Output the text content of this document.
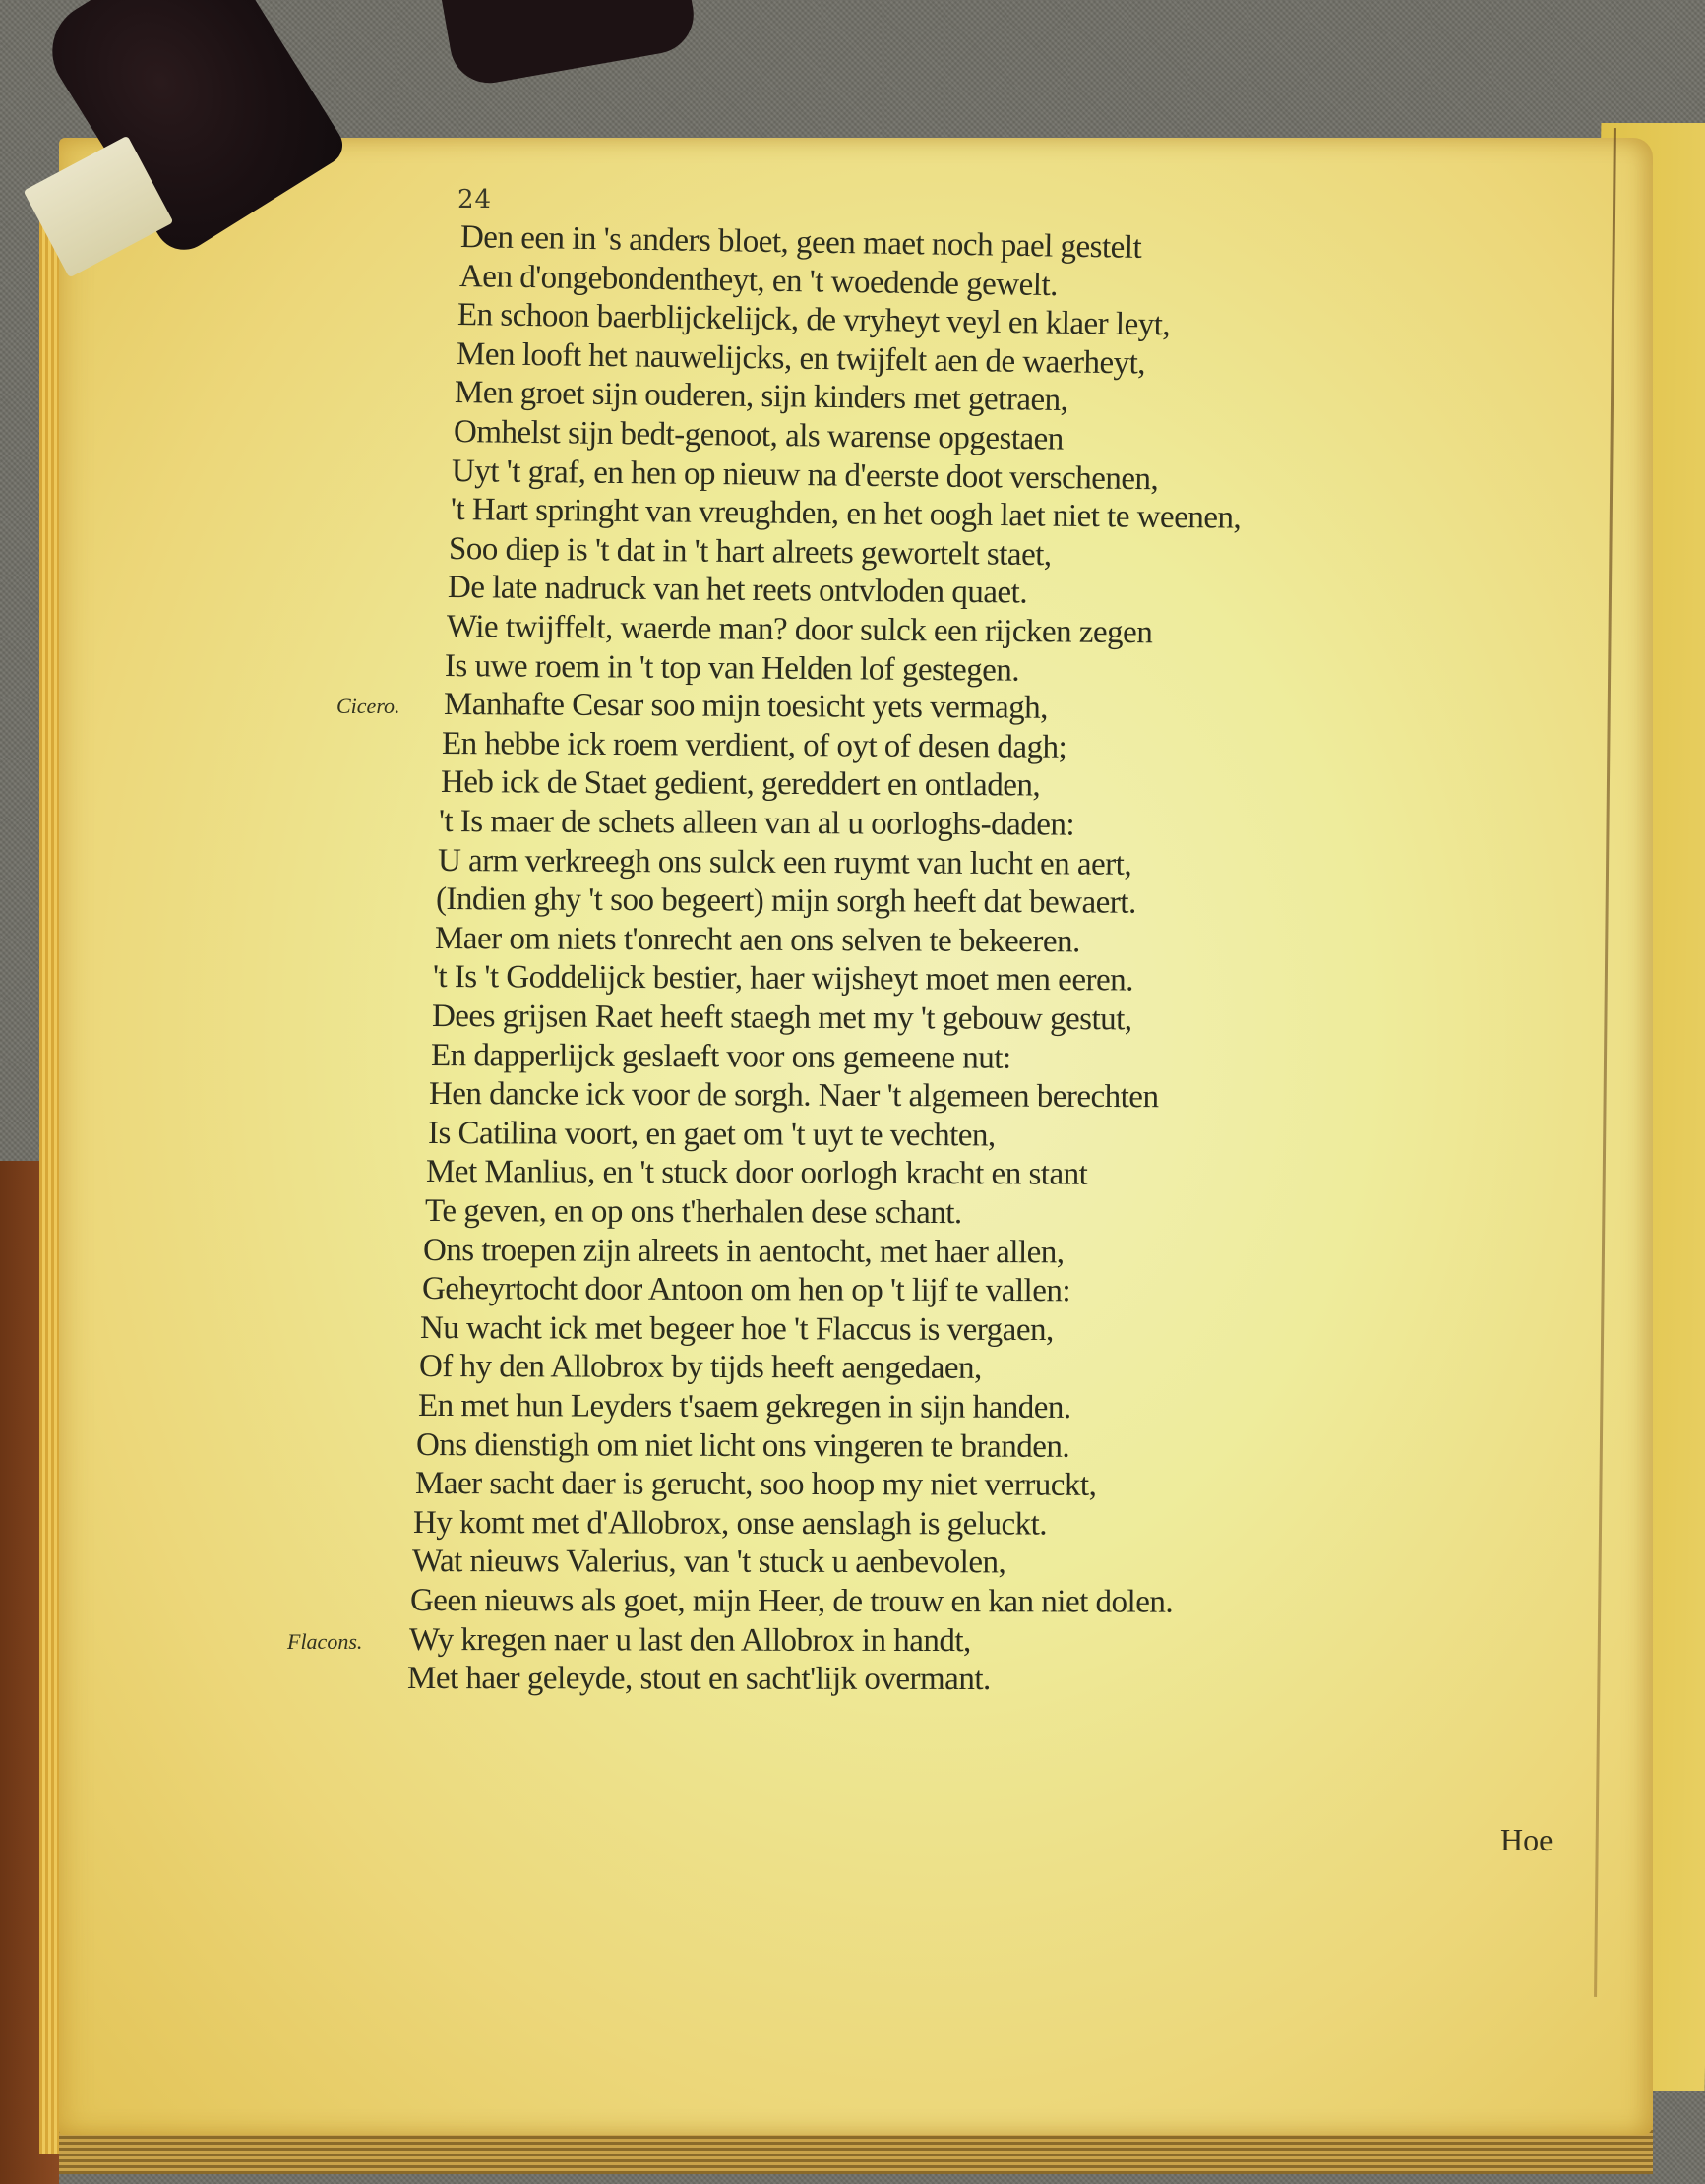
24
Den een in 's anders bloet, geen maet noch pael gestelt
Aen d'ongebondentheyt, en 't woedende gewelt.
En schoon baerblijckelijck, de vryheyt veyl en klaer leyt,
Men looft het nauwelijcks, en twijfelt aen de waerheyt,
Men groet sijn ouderen, sijn kinders met getraen,
Omhelst sijn bedt-genoot, als warense opgestaen
Uyt 't graf, en hen op nieuw na d'eerste doot verschenen,
't Hart springht van vreughden, en het oogh laet niet te weenen,
Soo diep is 't dat in 't hart alreets gewortelt staet,
De late nadruck van het reets ontvloden quaet.
Wie twijffelt, waerde man? door sulck een rijcken zegen
Is uwe roem in 't top van Helden lof gestegen.
Manhafte Cesar soo mijn toesicht yets vermagh,
En hebbe ick roem verdient, of oyt of desen dagh;
Heb ick de Staet gedient, gereddert en ontladen,
't Is maer de schets alleen van al u oorloghs-daden:
U arm verkreegh ons sulck een ruymt van lucht en aert,
(Indien ghy 't soo begeert) mijn sorgh heeft dat bewaert.
Maer om niets t'onrecht aen ons selven te bekeeren.
't Is 't Goddelijck bestier, haer wijsheyt moet men eeren.
Dees grijsen Raet heeft staegh met my 't gebouw gestut,
En dapperlijck geslaeft voor ons gemeene nut:
Hen dancke ick voor de sorgh. Naer 't algemeen berechten
Is Catilina voort, en gaet om 't uyt te vechten,
Met Manlius, en 't stuck door oorlogh kracht en stant
Te geven, en op ons t'herhalen dese schant.
Ons troepen zijn alreets in aentocht, met haer allen,
Geheyrtocht door Antoon om hen op 't lijf te vallen:
Nu wacht ick met begeer hoe 't Flaccus is vergaen,
Of hy den Allobrox by tijds heeft aengedaen,
En met hun Leyders t'saem gekregen in sijn handen.
Ons dienstigh om niet licht ons vingeren te branden.
Maer sacht daer is gerucht, soo hoop my niet verruckt,
Hy komt met d'Allobrox, onse aenslagh is geluckt.
Wat nieuws Valerius, van 't stuck u aenbevolen,
Geen nieuws als goet, mijn Heer, de trouw en kan niet dolen.
Wy kregen naer u last den Allobrox in handt,
Met haer geleyde, stout en sacht'lijk overmant.
Cicero.
Flacons.
Hoe
